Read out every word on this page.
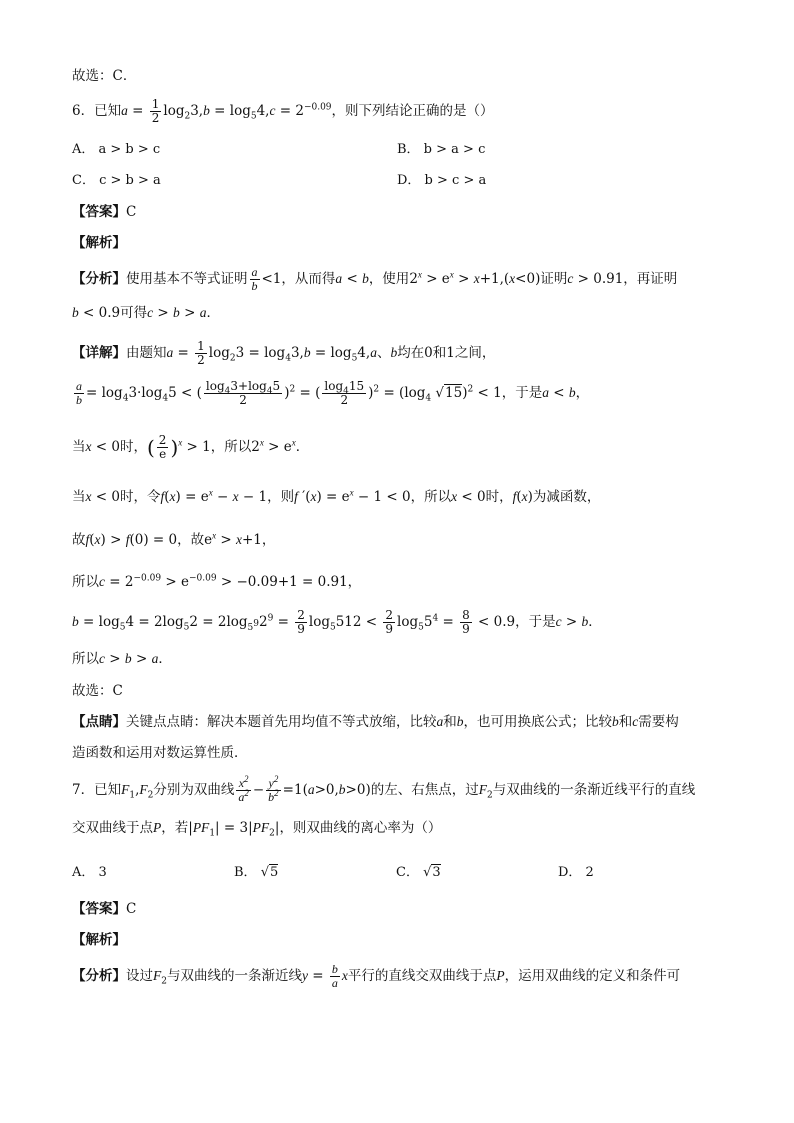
故选：C．
6．已知$a = \frac{1}{2} \log_23,b = \log_54,c = 2^{-0.09}$，则下列结论正确的是（）
A． a > b > c	B． b > a > c
C． c > b > a	D． b > c > a
【答案】C
【解析】
【分析】使用基本不等式证明 $\frac{a}{b} <1$，从而得a < b，使用$2^x > e^x > x+1,(x<0)$证明c > 0.91，再证明
b < 0.9可得c > b > a．
【详解】由题知$a = \frac{1}{2} \log_23 = \log_43,b = \log_54,a$、b均在0和1之间，
$\frac{a}{b} = \log_43\cdot\log_45$ < ( $\frac{\log_43+\log_45}{2} )^2$ = ( $\frac{\log_415}{2} )^2 = (\log_4$ √15)$^2$ < 1，于是a < b，
当x < 0时，( $\frac{2}{e} )^x > 1$，所以$2^x > e^x$．
当x < 0时，令$f(x) = e^x - x - 1$，则f $'(x) = e^x - 1 < 0$，所以x < 0时，f(x)为减函数，
故f(x) > f(0) = 0，故$e^x > x+1$，
所以$c = 2^{-0.09} > e^{-0.09} > -0.09+1 = 0.91$，
$b = \log_54 = 2\log_52 = 2\log_{5^9}2^9 = \frac{2}{9} \log_5512 < \frac{2}{9} \log_55^4 = \frac{8}{9} < 0.9$，于是c > b．
所以c > b > a．
故选：C
【点睛】关键点点睛：解决本题首先用均值不等式放缩，比较a和b，也可用换底公式；比较b和c需要构
造函数和运用对数运算性质．
7．已知$F_1,F_2$分别为双曲线 $\frac{x^2}{a^2} - \frac{y^2}{b^2} =1(a>0,b>0)$的左、右焦点，过$F_2$与双曲线的一条渐近线平行的直线
交双曲线于点P，若$|PF_1| = 3|PF_2|$，则双曲线的离心率为（）
A． 3	B． √5	C． √3	D． 2
【答案】C
【解析】
【分析】设过$F_2$与双曲线的一条渐近线$y = \frac{b}{a}$ x平行的直线交双曲线于点P，运用双曲线的定义和条件可
